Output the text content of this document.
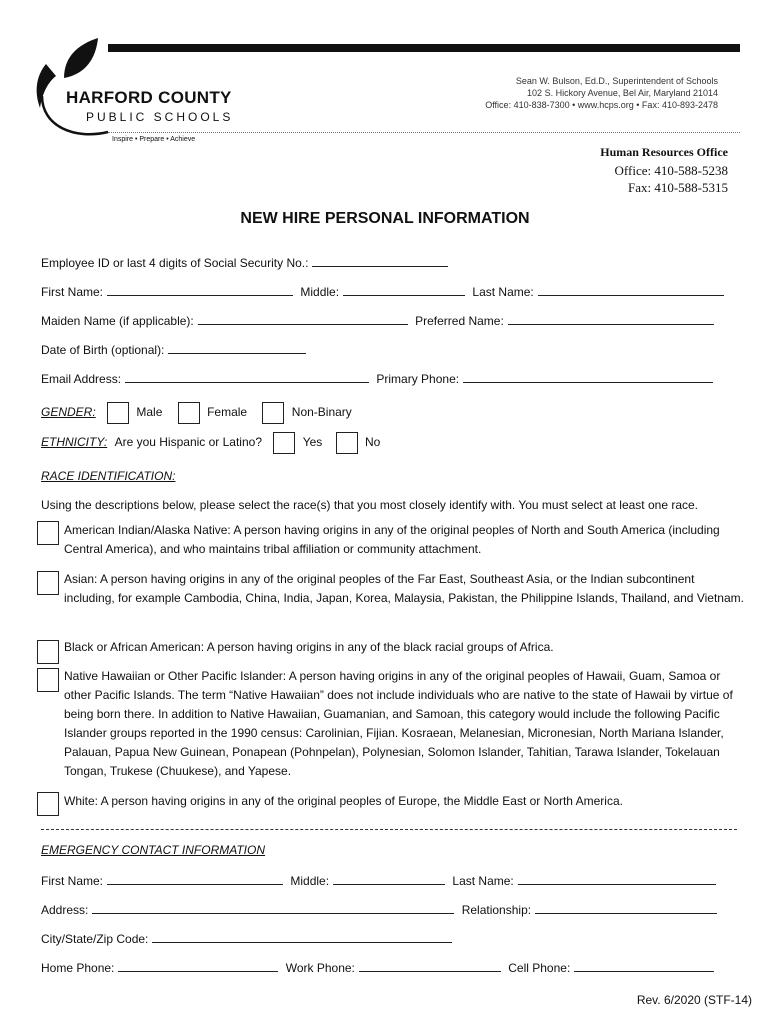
HARFORD COUNTY
PUBLIC SCHOOLS
Inspire • Prepare • Achieve
Sean W. Bulson, Ed.D., Superintendent of Schools
102 S. Hickory Avenue, Bel Air, Maryland 21014
Office: 410-838-7300 • www.hcps.org • Fax: 410-893-2478
Human Resources Office
Office: 410-588-5238
Fax: 410-588-5315
NEW HIRE PERSONAL INFORMATION
Employee ID or last 4 digits of Social Security No.:
First Name:	Middle:	Last Name:
Maiden Name (if applicable):	Preferred Name:
Date of Birth (optional):
Email Address:	Primary Phone:
GENDER:	Male	Female	Non-Binary
ETHNICITY: Are you Hispanic or Latino?	Yes	No
RACE IDENTIFICATION:
Using the descriptions below, please select the race(s) that you most closely identify with. You must select at least one race.
American Indian/Alaska Native: A person having origins in any of the original peoples of North and South America (including Central America), and who maintains tribal affiliation or community attachment.
Asian: A person having origins in any of the original peoples of the Far East, Southeast Asia, or the Indian subcontinent including, for example Cambodia, China, India, Japan, Korea, Malaysia, Pakistan, the Philippine Islands, Thailand, and Vietnam.
Black or African American: A person having origins in any of the black racial groups of Africa.
Native Hawaiian or Other Pacific Islander: A person having origins in any of the original peoples of Hawaii, Guam, Samoa or other Pacific Islands. The term “Native Hawaiian” does not include individuals who are native to the state of Hawaii by virtue of being born there. In addition to Native Hawaiian, Guamanian, and Samoan, this category would include the following Pacific Islander groups reported in the 1990 census: Carolinian, Fijian. Kosraean, Melanesian, Micronesian, North Mariana Islander, Palauan, Papua New Guinean, Ponapean (Pohnpelan), Polynesian, Solomon Islander, Tahitian, Tarawa Islander, Tokelauan Tongan, Trukese (Chuukese), and Yapese.
White: A person having origins in any of the original peoples of Europe, the Middle East or North America.
EMERGENCY CONTACT INFORMATION
First Name:	Middle:	Last Name:
Address:	Relationship:
City/State/Zip Code:
Home Phone:	Work Phone:	Cell Phone:
Rev. 6/2020 (STF-14)
